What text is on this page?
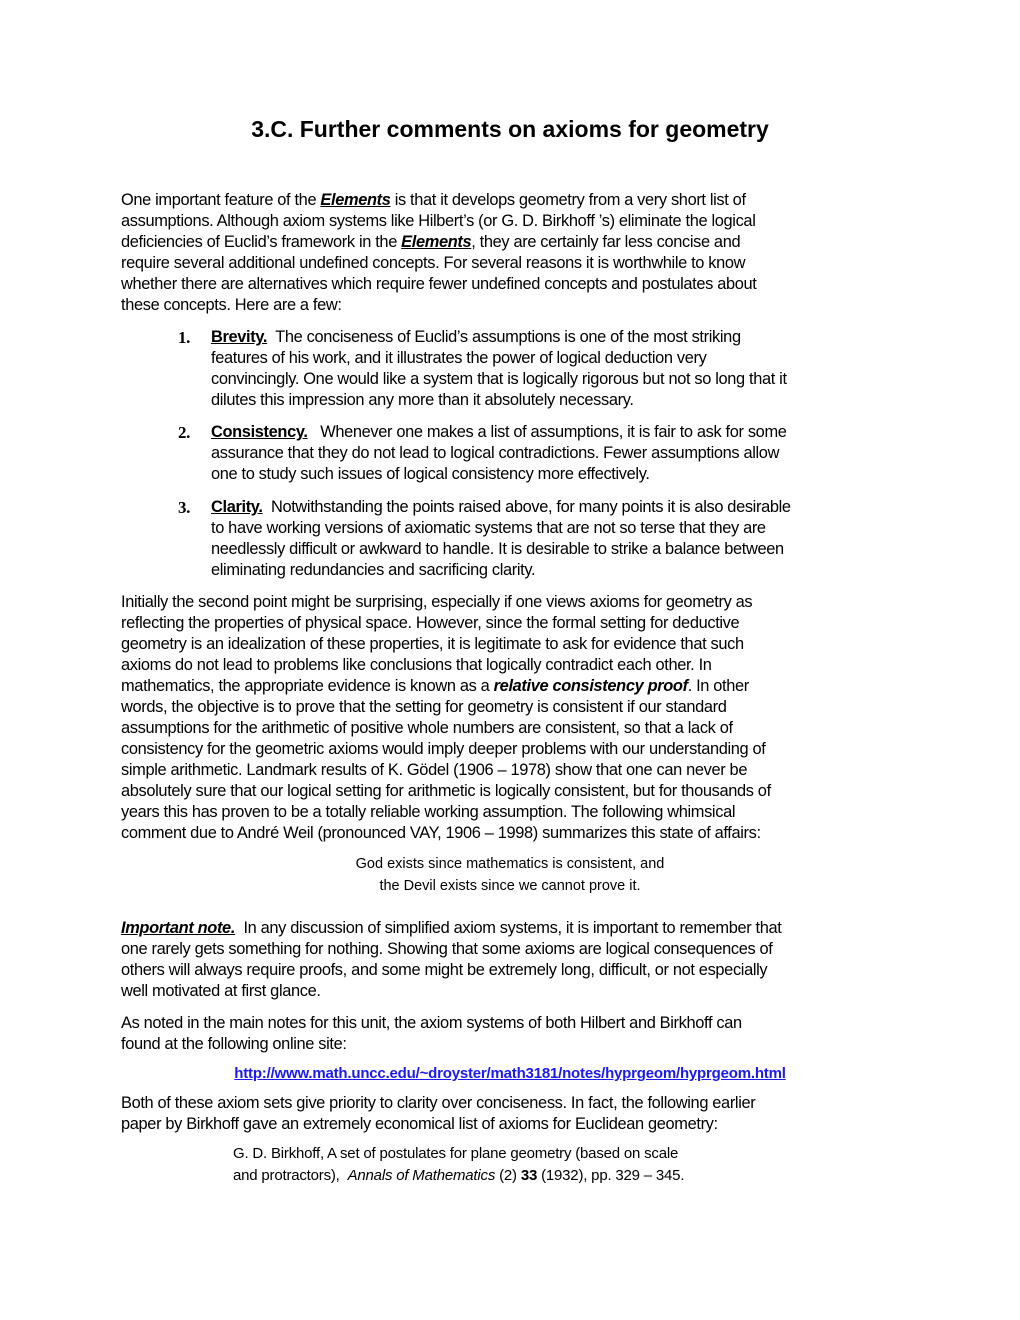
3.C. Further comments on axioms for geometry
One important feature of the Elements is that it develops geometry from a very short list of
assumptions. Although axiom systems like Hilbert’s (or G. D. Birkhoff ’s) eliminate the logical
deficiencies of Euclid’s framework in the Elements, they are certainly far less concise and
require several additional undefined concepts. For several reasons it is worthwhile to know
whether there are alternatives which require fewer undefined concepts and postulates about
these concepts. Here are a few:
1. Brevity.  The conciseness of Euclid’s assumptions is one of the most striking
features of his work, and it illustrates the power of logical deduction very
convincingly. One would like a system that is logically rigorous but not so long that it
dilutes this impression any more than it absolutely necessary.
2. Consistency.   Whenever one makes a list of assumptions, it is fair to ask for some
assurance that they do not lead to logical contradictions. Fewer assumptions allow
one to study such issues of logical consistency more effectively.
3. Clarity.  Notwithstanding the points raised above, for many points it is also desirable
to have working versions of axiomatic systems that are not so terse that they are
needlessly difficult or awkward to handle. It is desirable to strike a balance between
eliminating redundancies and sacrificing clarity.
Initially the second point might be surprising, especially if one views axioms for geometry as
reflecting the properties of physical space. However, since the formal setting for deductive
geometry is an idealization of these properties, it is legitimate to ask for evidence that such
axioms do not lead to problems like conclusions that logically contradict each other. In
mathematics, the appropriate evidence is known as a relative consistency proof. In other
words, the objective is to prove that the setting for geometry is consistent if our standard
assumptions for the arithmetic of positive whole numbers are consistent, so that a lack of
consistency for the geometric axioms would imply deeper problems with our understanding of
simple arithmetic. Landmark results of K. Gödel (1906 – 1978) show that one can never be
absolutely sure that our logical setting for arithmetic is logically consistent, but for thousands of
years this has proven to be a totally reliable working assumption. The following whimsical
comment due to André Weil (pronounced VAY, 1906 – 1998) summarizes this state of affairs:
God exists since mathematics is consistent, and
the Devil exists since we cannot prove it.
Important note.  In any discussion of simplified axiom systems, it is important to remember that
one rarely gets something for nothing. Showing that some axioms are logical consequences of
others will always require proofs, and some might be extremely long, difficult, or not especially
well motivated at first glance.
As noted in the main notes for this unit, the axiom systems of both Hilbert and Birkhoff can
found at the following online site:
http://www.math.uncc.edu/~droyster/math3181/notes/hyprgeom/hyprgeom.html
Both of these axiom sets give priority to clarity over conciseness. In fact, the following earlier
paper by Birkhoff gave an extremely economical list of axioms for Euclidean geometry:
G. D. Birkhoff, A set of postulates for plane geometry (based on scale
and protractors),  Annals of Mathematics (2) 33 (1932), pp. 329 – 345.
